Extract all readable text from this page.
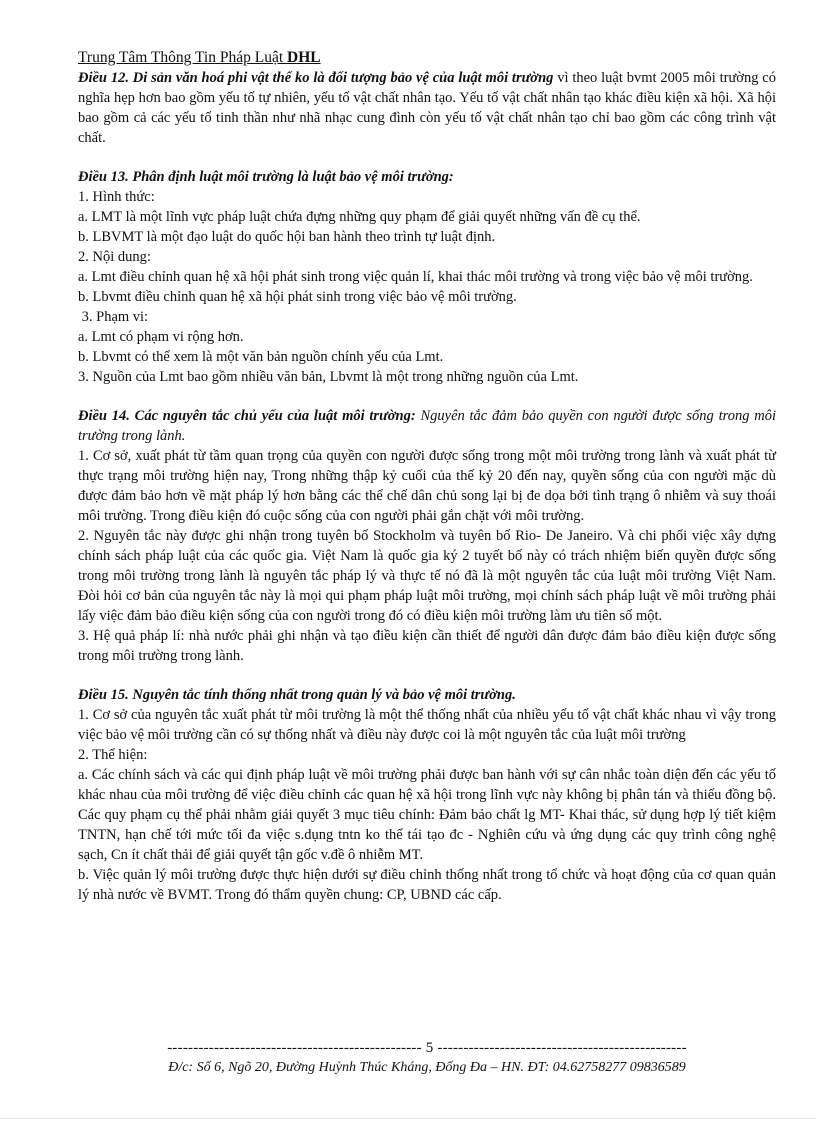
Trung Tâm Thông Tin Pháp Luật DHL
Điều 12. Di sản văn hoá phi vật thể ko là đối tượng bảo vệ của luật môi trường vì theo luật bvmt 2005 môi trường có nghĩa hẹp hơn bao gồm yếu tố tự nhiên, yếu tố vật chất nhân tạo. Yếu tố vật chất nhân tạo khác điều kiện xã hội. Xã hội bao gồm cả các yếu tố tinh thần như nhã nhạc cung đình còn yếu tố vật chất nhân tạo chỉ bao gồm các công trình vật chất.
Điều 13. Phân định luật môi trường là luật bảo vệ môi trường:
1. Hình thức:
a. LMT là một lĩnh vực pháp luật chứa đựng những quy phạm để giải quyết những vấn đề cụ thể.
b. LBVMT là một đạo luật do quốc hội ban hành theo trình tự luật định.
2. Nội dung:
a. Lmt điều chỉnh quan hệ xã hội phát sinh trong việc quản lí, khai thác môi trường và trong việc bảo vệ môi trường.
b. Lbvmt điều chỉnh quan hệ xã hội phát sinh trong việc bảo vệ môi trường.
3. Phạm vi:
a. Lmt có phạm vi rộng hơn.
b. Lbvmt có thể xem là một văn bản nguồn chính yếu của Lmt.
3. Nguồn của Lmt bao gồm nhiều văn bản, Lbvmt là một trong những nguồn của Lmt.
Điều 14. Các nguyên tắc chủ yếu của luật môi trường: Nguyên tắc đảm bảo quyền con người được sống trong môi trường trong lành.
1. Cơ sở, xuất phát từ tầm quan trọng của quyền con người được sống trong một môi trường trong lành và xuất phát từ thực trạng môi trường hiện nay, Trong những thập kỷ cuối của thế kỷ 20 đến nay, quyền sống của con người mặc dù được đảm bảo hơn về mặt pháp lý hơn bằng các thể chế dân chủ song lại bị đe dọa bởi tình trạng ô nhiễm và suy thoái môi trường. Trong điều kiện đó cuộc sống của con người phải gắn chặt với môi trường.
2. Nguyên tắc này được ghi nhận trong tuyên bố Stockholm và tuyên bố Rio- De Janeiro. Và chi phối việc xây dựng chính sách pháp luật của các quốc gia. Việt Nam là quốc gia ký 2 tuyết bố này có trách nhiệm biến quyền được sống trong môi trường trong lành là nguyên tắc pháp lý và thực tế nó đã là một nguyên tắc của luật môi trường Việt Nam. Đòi hỏi cơ bản của nguyên tắc này là mọi qui phạm pháp luật môi trường, mọi chính sách pháp luật về môi trường phải lấy việc đảm bảo điều kiện sống của con người trong đó có điều kiện môi trường làm ưu tiên số một.
3. Hệ quả pháp lí: nhà nước phải ghi nhận và tạo điều kiện cần thiết để người dân được đảm bảo điều kiện được sống trong môi trường trong lành.
Điều 15. Nguyên tắc tính thống nhất trong quản lý và bảo vệ môi trường.
1. Cơ sở của nguyên tắc xuất phát từ môi trường là một thể thống nhất của nhiều yếu tố vật chất khác nhau vì vậy trong việc bảo vệ môi trường cần có sự thống nhất và điều này được coi là một nguyên tắc của luật môi trường
2. Thể hiện:
a. Các chính sách và các qui định pháp luật về môi trường phải được ban hành với sự cân nhắc toàn diện đến các yếu tố khác nhau của môi trường để việc điều chỉnh các quan hệ xã hội trong lĩnh vực này không bị phân tán và thiếu đồng bộ. Các quy phạm cụ thể phải nhằm giải quyết 3 mục tiêu chính: Đảm bảo chất lg MT- Khai thác, sử dụng hợp lý tiết kiệm TNTN, hạn chế tới mức tối đa việc s.dụng tntn ko thể tái tạo đc - Nghiên cứu và ứng dụng các quy trình công nghệ sạch, Cn ít chất thải để giải quyết tận gốc v.đề ô nhiễm MT.
b. Việc quản lý môi trường được thực hiện dưới sự điều chỉnh thống nhất trong tổ chức và hoạt động của cơ quan quản lý nhà nước về BVMT. Trong đó thẩm quyền chung: CP, UBND các cấp.
------------------------------------------------- 5 ------------------------------------------------
Đ/c: Số 6, Ngõ 20, Đường Huỳnh Thúc Kháng, Đống Đa – HN. ĐT: 04.62758277 09836589
